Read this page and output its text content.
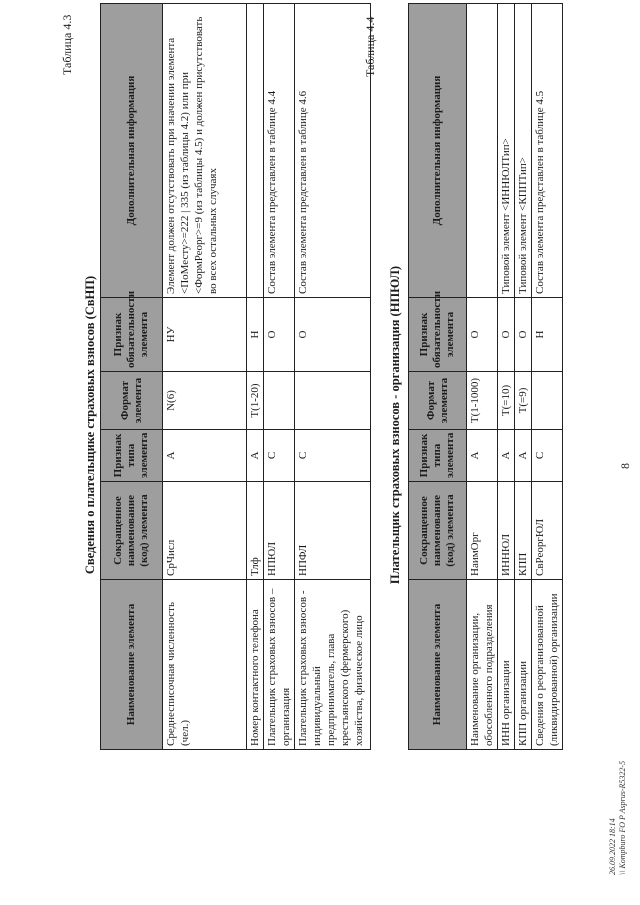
8
Таблица 4.3
Сведения о плательщике страховых взносов (СвНП)
Наименование элемента	Сокращенное наименование (код) элемента	Признак типа элемента	Формат элемента	Признак обязательности элемента	Дополнительная информация
Среднесписочная численность (чел.)	СрЧисл	А	N(6)	НУ	Элемент должен отсутствовать при значении элемента <ПоМесту>=222 | 335 (из таблицы 4.2) или при <ФормРеорг>=9 (из таблицы 4.5) и должен присутствовать во всех остальных случаях
Номер контактного телефона	Тлф	А	Т(1-20)	Н	
Плательщик страховых взносов – организация	НПЮЛ	С		О	Состав элемента представлен в таблице 4.4
Плательщик страховых взносов - индивидуальный предприниматель, глава крестьянского (фермерского) хозяйства, физическое лицо	НПФЛ	С		О	Состав элемента представлен в таблице 4.6
Таблица 4.4
Плательщик страховых взносов - организация (НПЮЛ)
Наименование элемента	Сокращенное наименование (код) элемента	Признак типа элемента	Формат элемента	Признак обязательности элемента	Дополнительная информация
Наименование организации, обособленного подразделения	НаимОрг	А	Т(1-1000)	О	
ИНН организации	ИННЮЛ	А	Т(=10)	О	Типовой элемент <ИННЮЛТип>
КПП организации	КПП	А	Т(=9)	О	Типовой элемент <КППТип>
Сведения о реорганизованной (ликвидированной) организации	СвРеоргЮЛ	С		Н	Состав элемента представлен в таблице 4.5
26.09.2022 18:14 \\ Kompburo FO P Asprus-R5322-5
